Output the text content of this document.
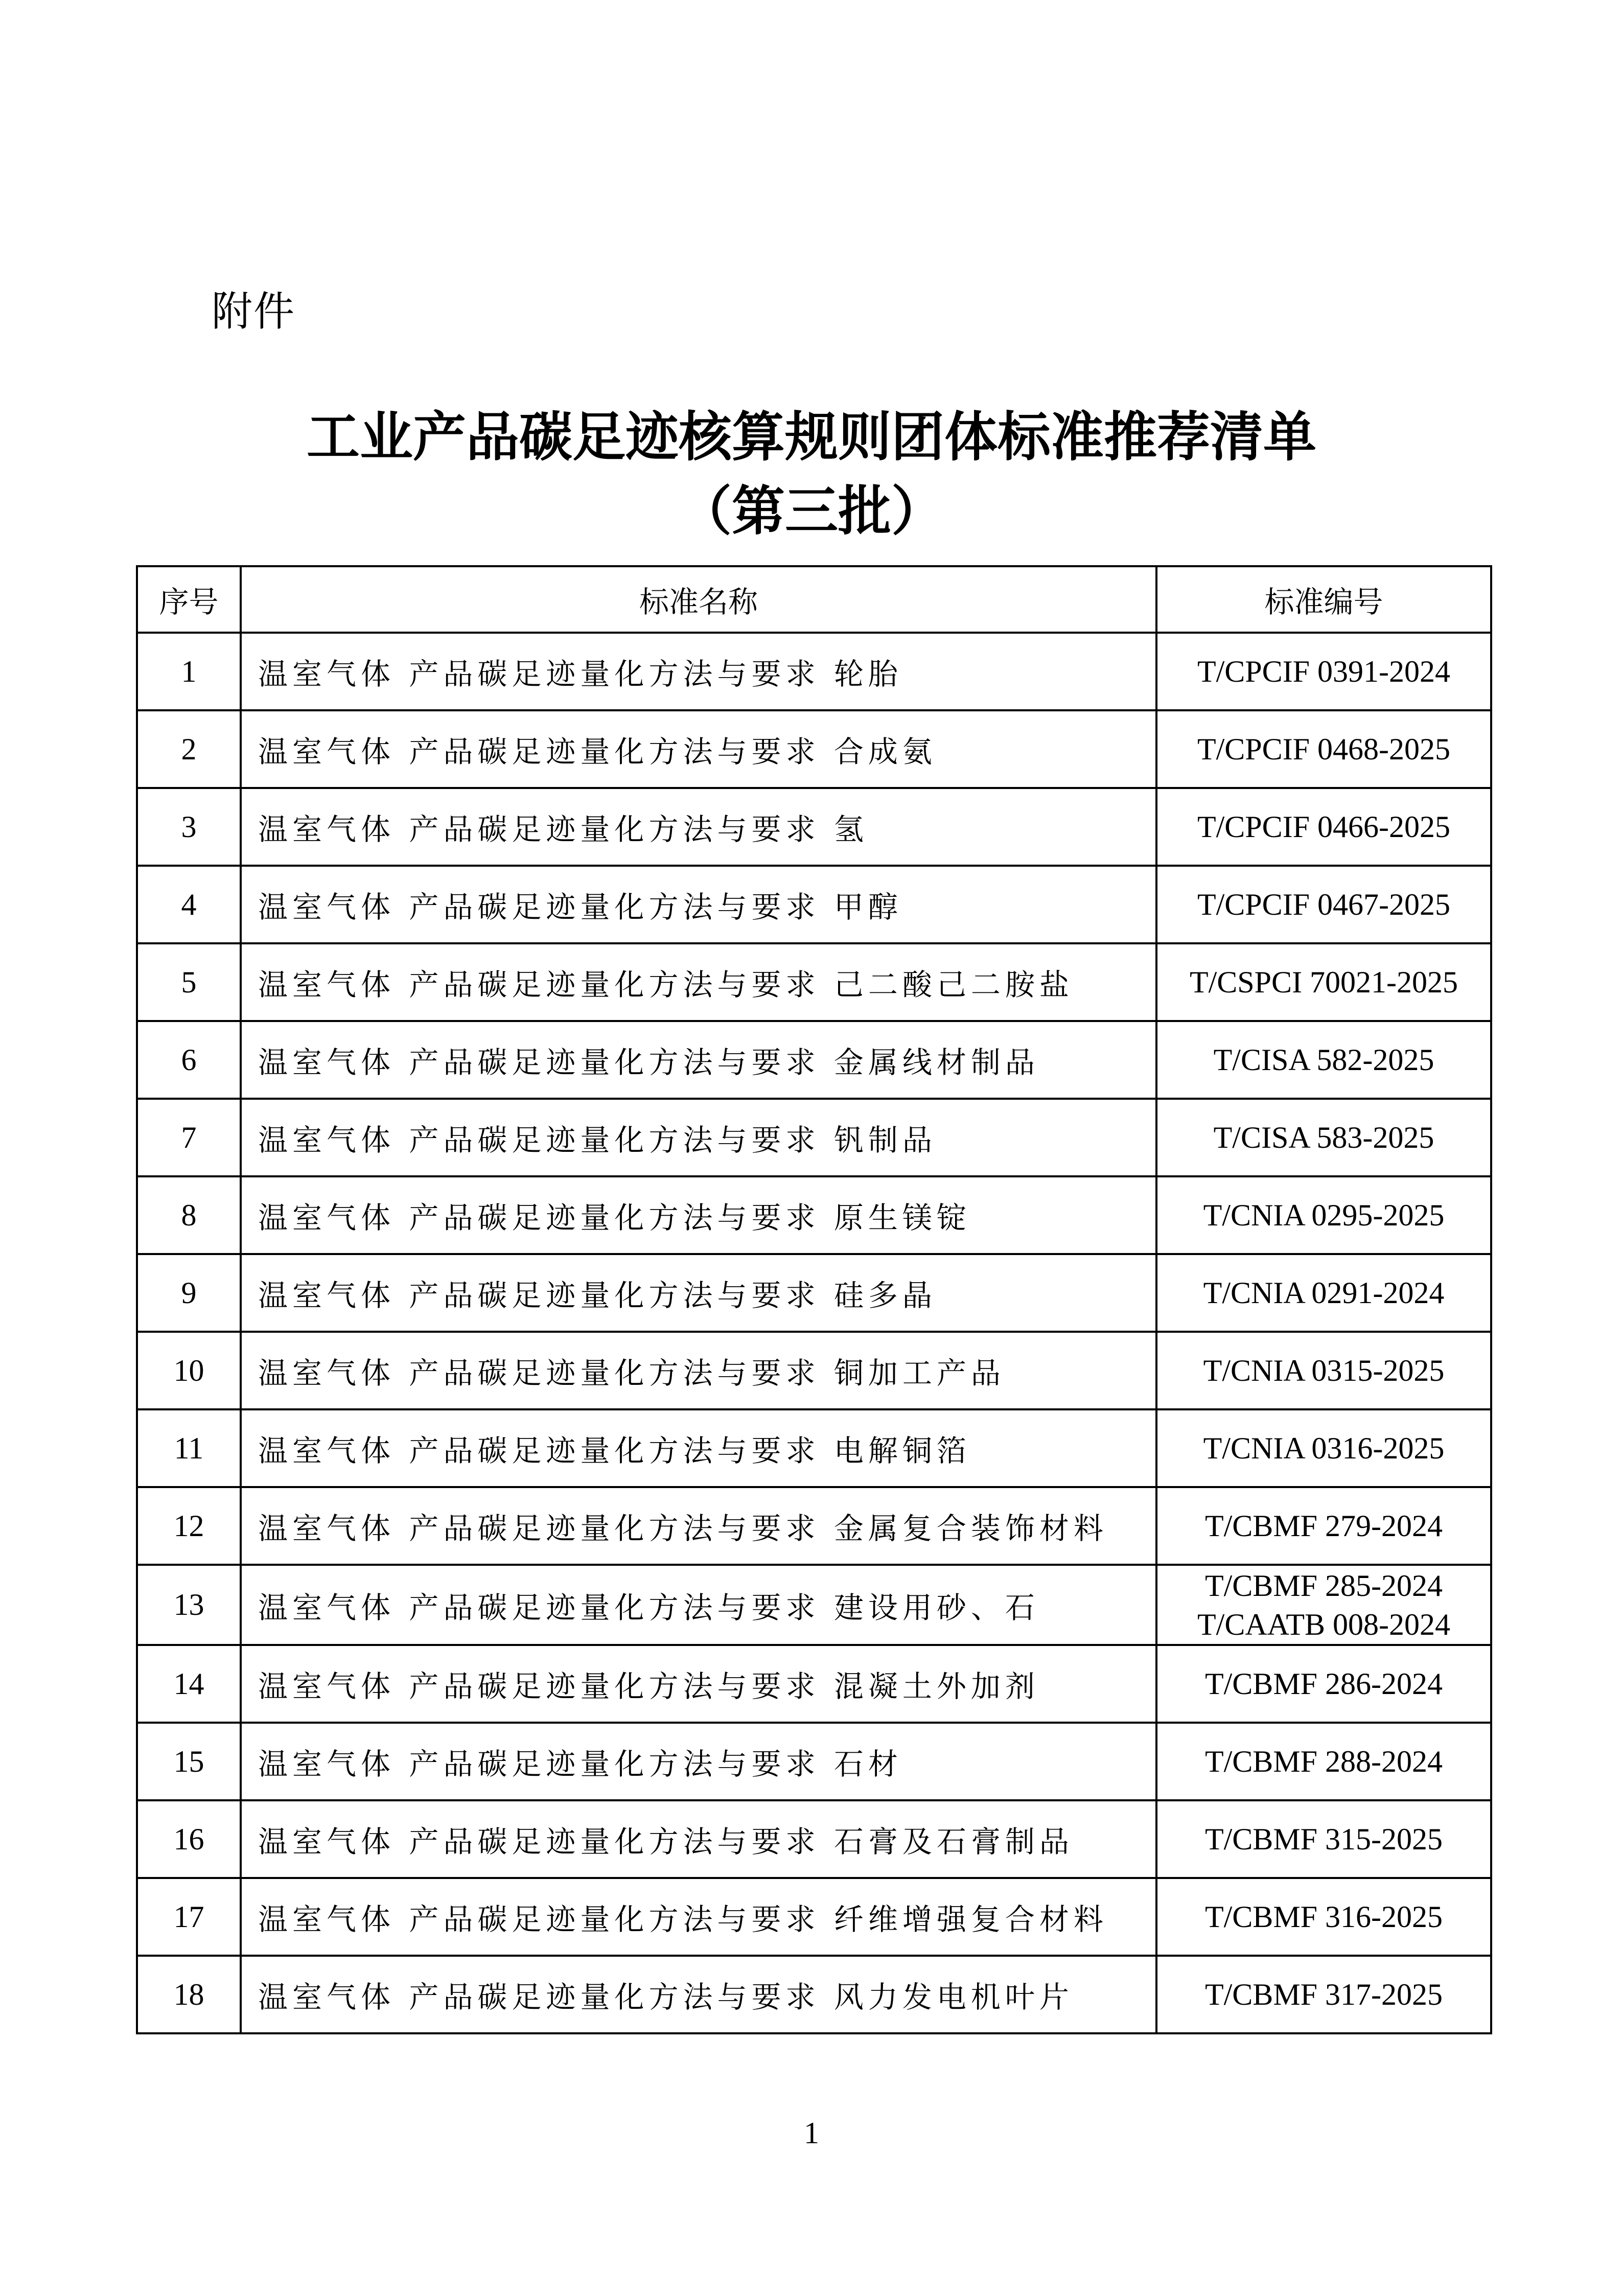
附件
工业产品碳足迹核算规则团体标准推荐清单
（第三批）
序号	标准名称	标准编号
1	温室气体 产品碳足迹量化方法与要求 轮胎	T/CPCIF 0391-2024

2	温室气体 产品碳足迹量化方法与要求 合成氨	T/CPCIF 0468-2025

3	温室气体 产品碳足迹量化方法与要求 氢	T/CPCIF 0466-2025

4	温室气体 产品碳足迹量化方法与要求 甲醇	T/CPCIF 0467-2025

5	温室气体 产品碳足迹量化方法与要求 己二酸己二胺盐	T/CSPCI 70021-2025

6	温室气体 产品碳足迹量化方法与要求 金属线材制品	T/CISA 582-2025

7	温室气体 产品碳足迹量化方法与要求 钒制品	T/CISA 583-2025

8	温室气体 产品碳足迹量化方法与要求 原生镁锭	T/CNIA 0295-2025

9	温室气体 产品碳足迹量化方法与要求 硅多晶	T/CNIA 0291-2024

10	温室气体 产品碳足迹量化方法与要求 铜加工产品	T/CNIA 0315-2025

11	温室气体 产品碳足迹量化方法与要求 电解铜箔	T/CNIA 0316-2025

12	温室气体 产品碳足迹量化方法与要求 金属复合装饰材料	T/CBMF 279-2024

13	温室气体 产品碳足迹量化方法与要求 建设用砂、石	T/CBMF 285-2024
T/CAATB 008-2024

14	温室气体 产品碳足迹量化方法与要求 混凝土外加剂	T/CBMF 286-2024

15	温室气体 产品碳足迹量化方法与要求 石材	T/CBMF 288-2024

16	温室气体 产品碳足迹量化方法与要求 石膏及石膏制品	T/CBMF 315-2025

17	温室气体 产品碳足迹量化方法与要求 纤维增强复合材料	T/CBMF 316-2025

18	温室气体 产品碳足迹量化方法与要求 风力发电机叶片	T/CBMF 317-2025
1
